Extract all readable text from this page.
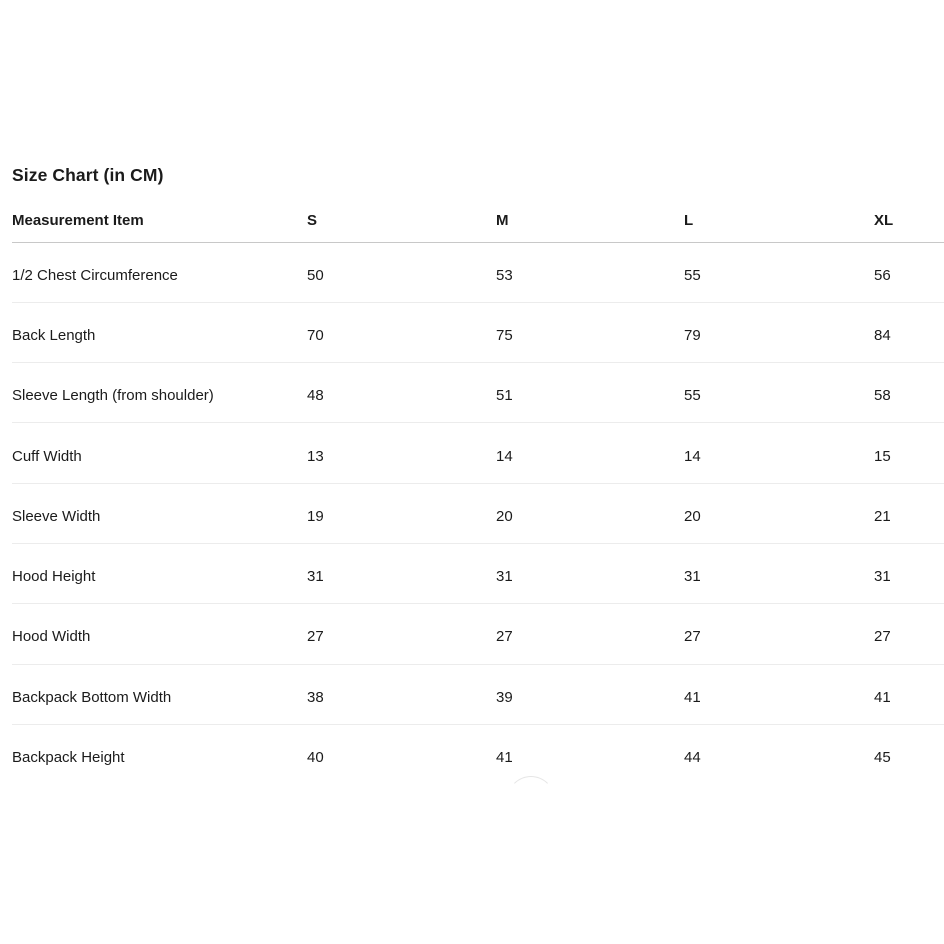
Size Chart (in CM)
Measurement Item	S	M	L	XL
1/2 Chest Circumference	50	53	55	56
Back Length	70	75	79	84
Sleeve Length (from shoulder)	48	51	55	58
Cuff Width	13	14	14	15
Sleeve Width	19	20	20	21
Hood Height	31	31	31	31
Hood Width	27	27	27	27
Backpack Bottom Width	38	39	41	41
Backpack Height	40	41	44	45
